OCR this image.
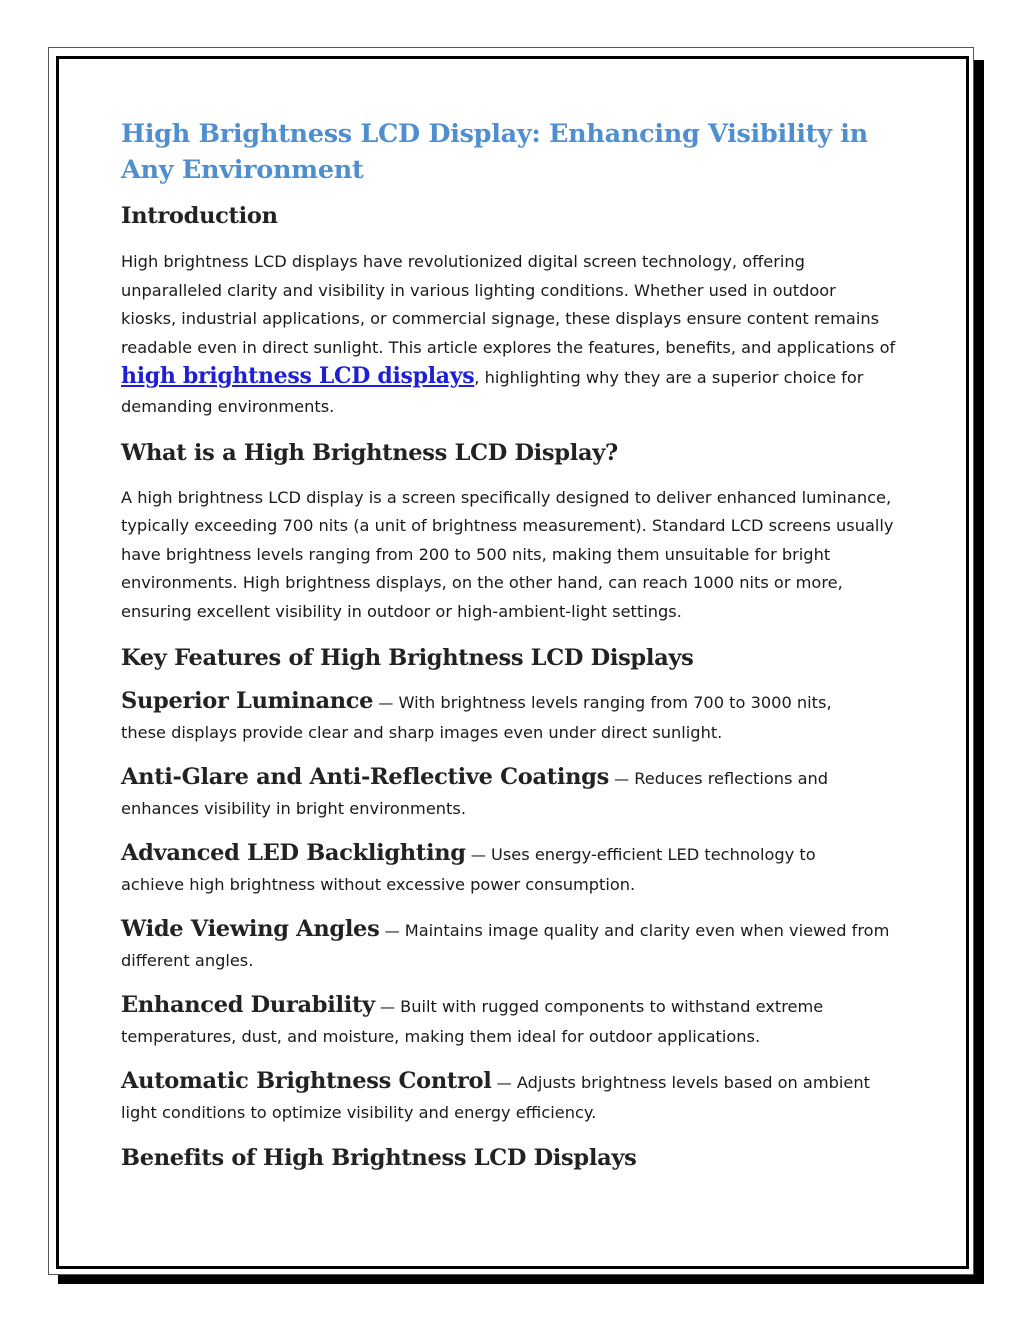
High Brightness LCD Display: Enhancing Visibility in Any Environment
Introduction

High brightness LCD displays have revolutionized digital screen technology, offering unparalleled clarity and visibility in various lighting conditions. Whether used in outdoor kiosks, industrial applications, or commercial signage, these displays ensure content remains readable even in direct sunlight. This article explores the features, benefits, and applications of high brightness LCD displays, highlighting why they are a superior choice for demanding environments.

What is a High Brightness LCD Display?

A high brightness LCD display is a screen specifically designed to deliver enhanced luminance, typically exceeding 700 nits (a unit of brightness measurement). Standard LCD screens usually have brightness levels ranging from 200 to 500 nits, making them unsuitable for bright environments. High brightness displays, on the other hand, can reach 1000 nits or more, ensuring excellent visibility in outdoor or high-ambient-light settings.

Key Features of High Brightness LCD Displays

Superior Luminance — With brightness levels ranging from 700 to 3000 nits, these displays provide clear and sharp images even under direct sunlight.

Anti-Glare and Anti-Reflective Coatings — Reduces reflections and enhances visibility in bright environments.

Advanced LED Backlighting — Uses energy-efficient LED technology to achieve high brightness without excessive power consumption.

Wide Viewing Angles — Maintains image quality and clarity even when viewed from different angles.

Enhanced Durability — Built with rugged components to withstand extreme temperatures, dust, and moisture, making them ideal for outdoor applications.

Automatic Brightness Control — Adjusts brightness levels based on ambient light conditions to optimize visibility and energy efficiency.

Benefits of High Brightness LCD Displays
